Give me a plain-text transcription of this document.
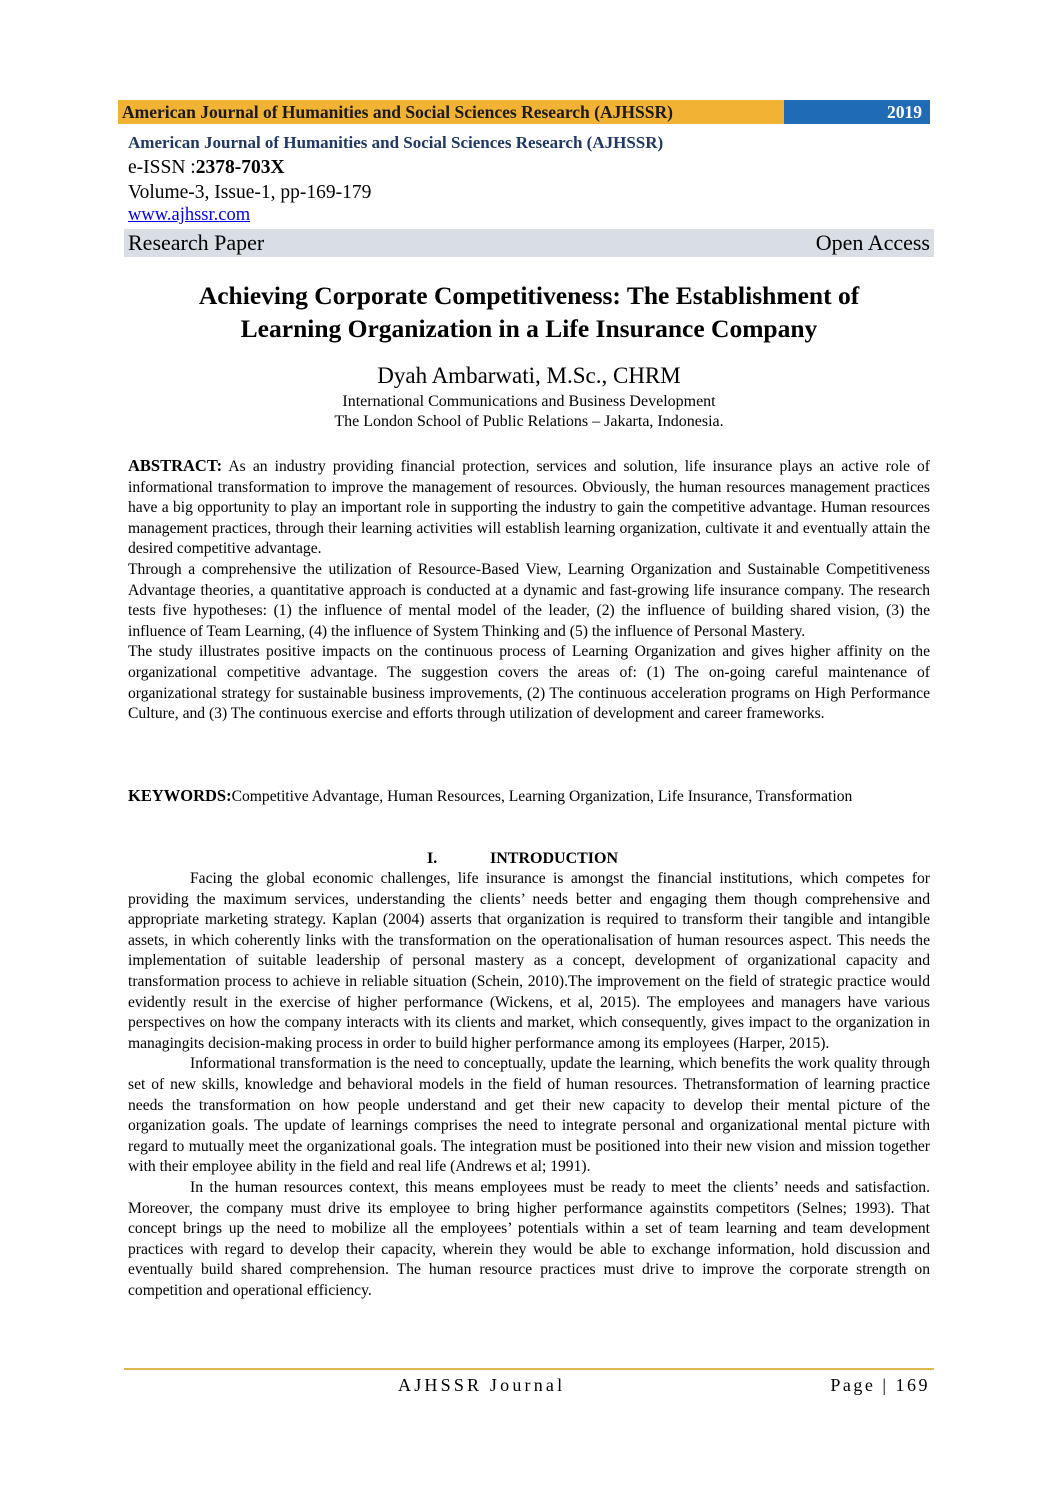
American Journal of Humanities and Social Sciences Research (AJHSSR)	2019
American Journal of Humanities and Social Sciences Research (AJHSSR)
e-ISSN :2378-703X
Volume-3, Issue-1, pp-169-179
www.ajhssr.com
Research Paper	Open Access
Achieving Corporate Competitiveness: The Establishment of
Learning Organization in a Life Insurance Company
Dyah Ambarwati, M.Sc., CHRM
International Communications and Business Development
The London School of Public Relations – Jakarta, Indonesia.

ABSTRACT: As an industry providing financial protection, services and solution, life insurance plays an active role of informational transformation to improve the management of resources. Obviously, the human resources management practices have a big opportunity to play an important role in supporting the industry to gain the competitive advantage. Human resources management practices, through their learning activities will establish learning organization, cultivate it and eventually attain the desired competitive advantage.

Through a comprehensive the utilization of Resource-Based View, Learning Organization and Sustainable Competitiveness Advantage theories, a quantitative approach is conducted at a dynamic and fast-growing life insurance company. The research tests five hypotheses: (1) the influence of mental model of the leader, (2) the influence of building shared vision, (3) the influence of Team Learning, (4) the influence of System Thinking and (5) the influence of Personal Mastery.

The study illustrates positive impacts on the continuous process of Learning Organization and gives higher affinity on the organizational competitive advantage. The suggestion covers the areas of: (1) The on-going careful maintenance of organizational strategy for sustainable business improvements, (2) The continuous acceleration programs on High Performance Culture, and (3) The continuous exercise and efforts through utilization of development and career frameworks.

KEYWORDS:Competitive Advantage, Human Resources, Learning Organization, Life Insurance, Transformation

I.	INTRODUCTION

Facing the global economic challenges, life insurance is amongst the financial institutions, which competes for providing the maximum services, understanding the clients’ needs better and engaging them though comprehensive and appropriate marketing strategy. Kaplan (2004) asserts that organization is required to transform their tangible and intangible assets, in which coherently links with the transformation on the operationalisation of human resources aspect. This needs the implementation of suitable leadership of personal mastery as a concept, development of organizational capacity and transformation process to achieve in reliable situation (Schein, 2010).The improvement on the field of strategic practice would evidently result in the exercise of higher performance (Wickens, et al, 2015). The employees and managers have various perspectives on how the company interacts with its clients and market, which consequently, gives impact to the organization in managingits decision-making process in order to build higher performance among its employees (Harper, 2015).

Informational transformation is the need to conceptually, update the learning, which benefits the work quality through set of new skills, knowledge and behavioral models in the field of human resources. Thetransformation of learning practice needs the transformation on how people understand and get their new capacity to develop their mental picture of the organization goals. The update of learnings comprises the need to integrate personal and organizational mental picture with regard to mutually meet the organizational goals. The integration must be positioned into their new vision and mission together with their employee ability in the field and real life (Andrews et al; 1991).

In the human resources context, this means employees must be ready to meet the clients’ needs and satisfaction. Moreover, the company must drive its employee to bring higher performance againstits competitors (Selnes; 1993). That concept brings up the need to mobilize all the employees’ potentials within a set of team learning and team development practices with regard to develop their capacity, wherein they would be able to exchange information, hold discussion and eventually build shared comprehension. The human resource practices must drive to improve the corporate strength on competition and operational efficiency.

AJHSSR Journal	Page | 169
